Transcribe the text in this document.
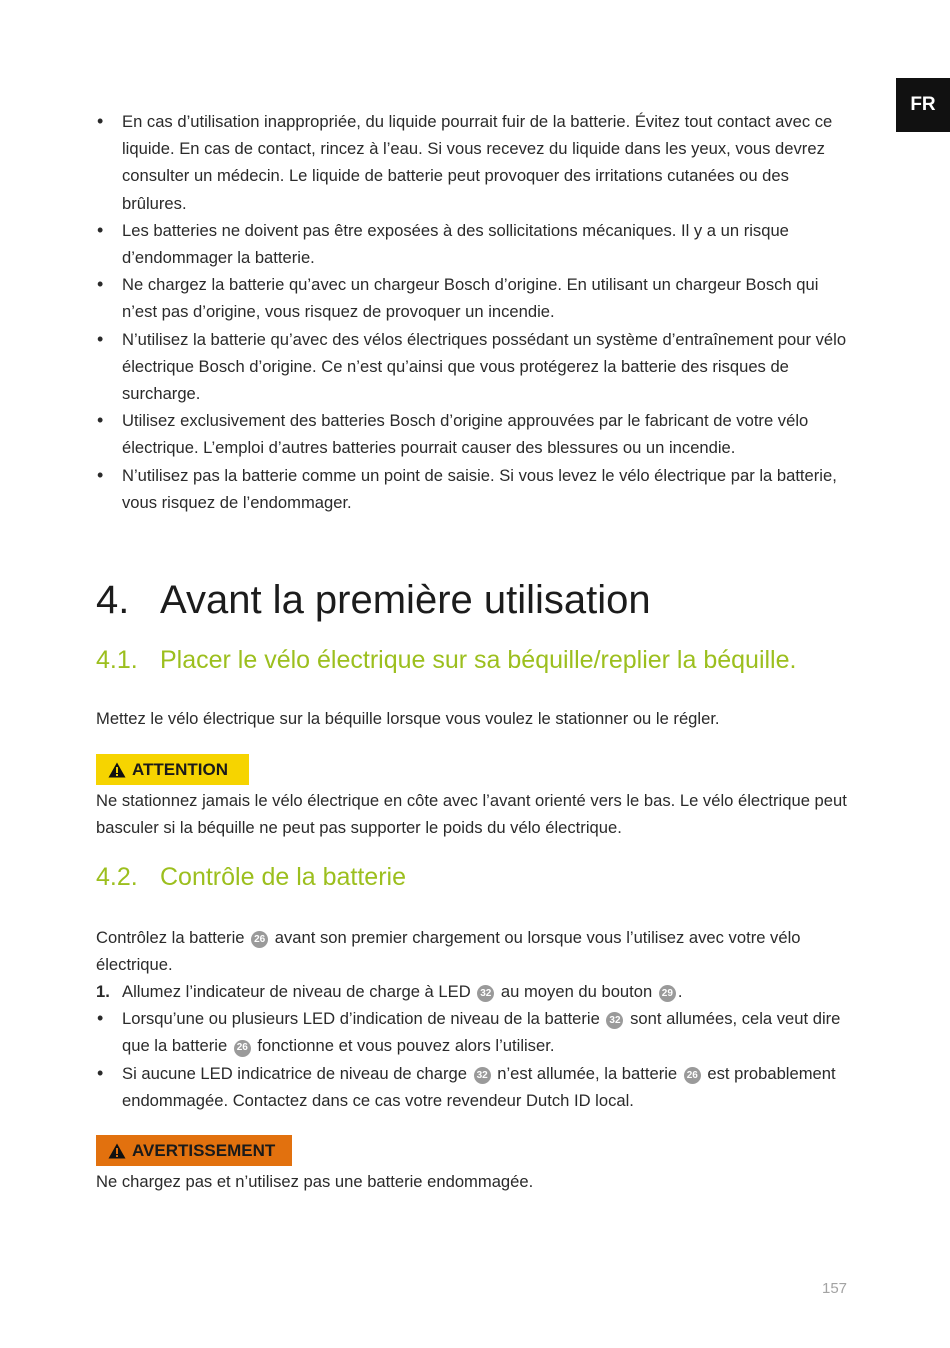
FR
• En cas d’utilisation inappropriée, du liquide pourrait fuir de la batterie. Évitez tout contact avec ce liquide. En cas de contact, rincez à l’eau. Si vous recevez du liquide dans les yeux, vous devrez consulter un médecin. Le liquide de batterie peut provoquer des irritations cutanées ou des brûlures.
• Les batteries ne doivent pas être exposées à des sollicitations mécaniques. Il y a un risque d’endommager la batterie.
• Ne chargez la batterie qu’avec un chargeur Bosch d’origine. En utilisant un chargeur Bosch qui n’est pas d’origine, vous risquez de provoquer un incendie.
• N’utilisez la batterie qu’avec des vélos électriques possédant un système d’entraînement pour vélo électrique Bosch d’origine. Ce n’est qu’ainsi que vous protégerez la batterie des risques de surcharge.
• Utilisez exclusivement des batteries Bosch d’origine approuvées par le fabricant de votre vélo électrique. L’emploi d’autres batteries pourrait causer des blessures ou un incendie.
• N’utilisez pas la batterie comme un point de saisie. Si vous levez le vélo électrique par la batterie, vous risquez de l’endommager.
4. Avant la première utilisation
4.1. Placer le vélo électrique sur sa béquille/replier la béquille.

Mettez le vélo électrique sur la béquille lorsque vous voulez le stationner ou le régler.

ATTENTION

Ne stationnez jamais le vélo électrique en côte avec l’avant orienté vers le bas. Le vélo électrique peut basculer si la béquille ne peut pas supporter le poids du vélo électrique.

4.2. Contrôle de la batterie

Contrôlez la batterie 26 avant son premier chargement ou lorsque vous l’utilisez avec votre vélo électrique.

1. Allumez l’indicateur de niveau de charge à LED 32 au moyen du bouton 29 .
• Lorsqu’une ou plusieurs LED d’indication de niveau de la batterie 32 sont allumées, cela veut dire que la batterie 26 fonctionne et vous pouvez alors l’utiliser.
• Si aucune LED indicatrice de niveau de charge 32 n’est allumée, la batterie 26 est probablement endommagée. Contactez dans ce cas votre revendeur Dutch ID local.
AVERTISSEMENT

Ne chargez pas et n’utilisez pas une batterie endommagée.

157
